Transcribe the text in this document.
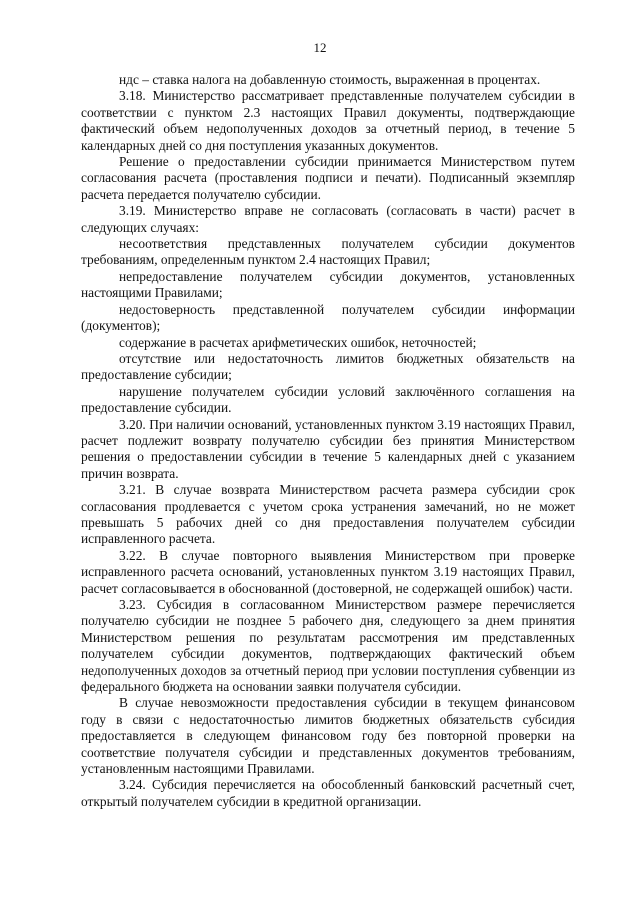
12

ндс – ставка налога на добавленную стоимость, выраженная в процентах.

3.18. Министерство рассматривает представленные получателем субсидии в соответствии с пунктом 2.3 настоящих Правил документы, подтверждающие фактический объем недополученных доходов за отчетный период, в течение 5 календарных дней со дня поступления указанных документов.

Решение о предоставлении субсидии принимается Министерством путем согласования расчета (проставления подписи и печати). Подписанный экземпляр расчета передается получателю субсидии.

3.19. Министерство вправе не согласовать (согласовать в части) расчет в следующих случаях:

несоответствия представленных получателем субсидии документов требованиям, определенным пунктом 2.4 настоящих Правил;

непредоставление получателем субсидии документов, установленных настоящими Правилами;

недостоверность представленной получателем субсидии информации (документов);

содержание в расчетах арифметических ошибок, неточностей;

отсутствие или недостаточность лимитов бюджетных обязательств на предоставление субсидии;

нарушение получателем субсидии условий заключённого соглашения на предоставление субсидии.

3.20. При наличии оснований, установленных пунктом 3.19 настоящих Правил, расчет подлежит возврату получателю субсидии без принятия Министерством решения о предоставлении субсидии в течение 5 календарных дней с указанием причин возврата.

3.21. В случае возврата Министерством расчета размера субсидии срок согласования продлевается с учетом срока устранения замечаний, но не может превышать 5 рабочих дней со дня предоставления получателем субсидии исправленного расчета.

3.22. В случае повторного выявления Министерством при проверке исправленного расчета оснований, установленных пунктом 3.19 настоящих Правил, расчет согласовывается в обоснованной (достоверной, не содержащей ошибок) части.

3.23. Субсидия в согласованном Министерством размере перечисляется получателю субсидии не позднее 5 рабочего дня, следующего за днем принятия Министерством решения по результатам рассмотрения им представленных получателем субсидии документов, подтверждающих фактический объем недополученных доходов за отчетный период при условии поступления субвенции из федерального бюджета на основании заявки получателя субсидии.

В случае невозможности предоставления субсидии в текущем финансовом году в связи с недостаточностью лимитов бюджетных обязательств субсидия предоставляется в следующем финансовом году без повторной проверки на соответствие получателя субсидии и представленных документов требованиям, установленным настоящими Правилами.

3.24. Субсидия перечисляется на обособленный банковский расчетный счет, открытый получателем субсидии в кредитной организации.
